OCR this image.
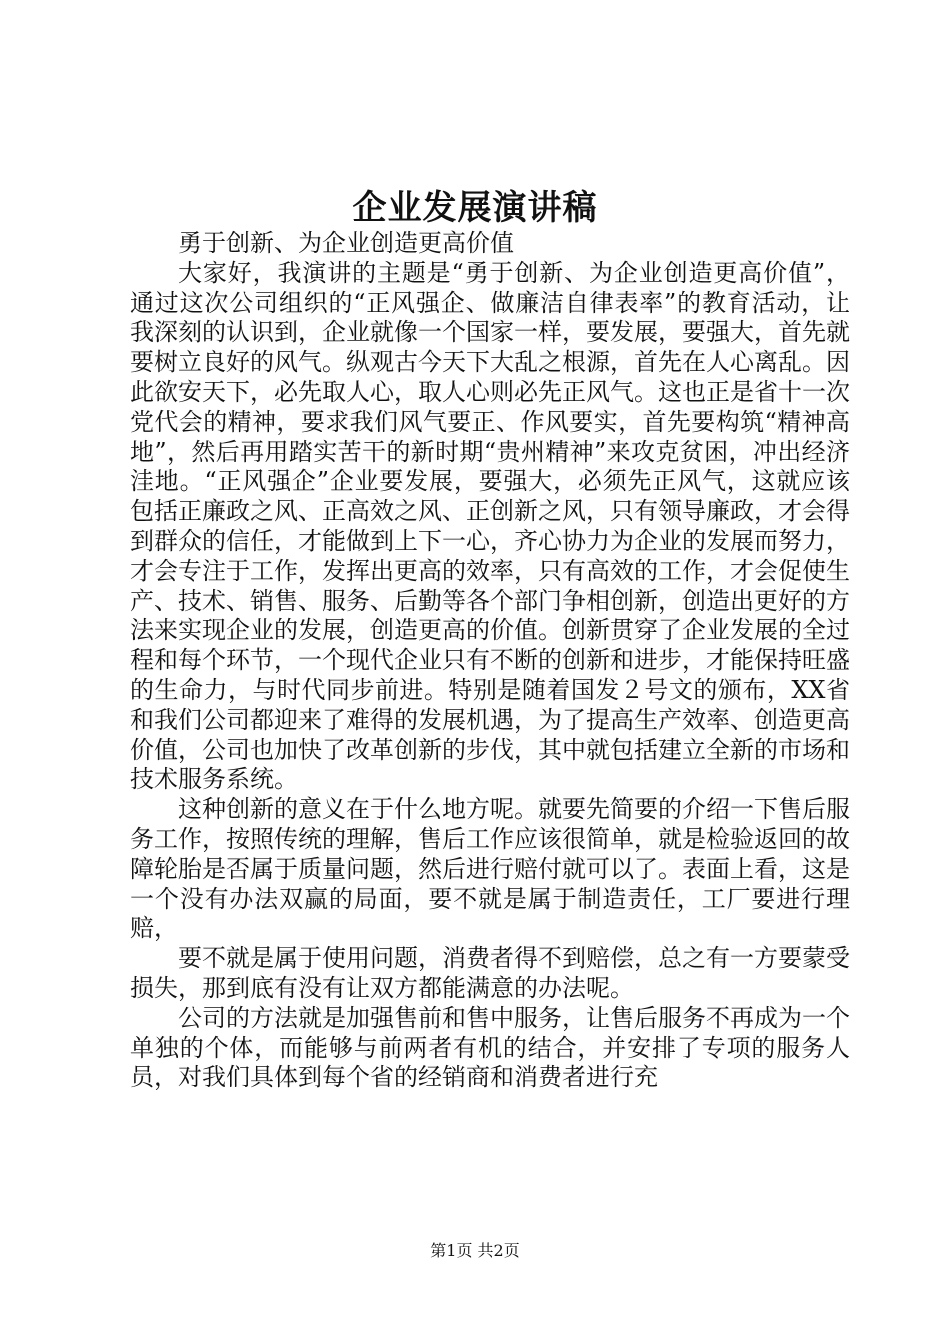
企业发展演讲稿

勇于创新、为企业创造更高价值

大家好，我演讲的主题是“勇于创新、为企业创造更高价值”，通过这次公司组织的“正风强企、做廉洁自律表率”的教育活动，让我深刻的认识到，企业就像一个国家一样，要发展，要强大，首先就要树立良好的风气。纵观古今天下大乱之根源，首先在人心离乱。因此欲安天下，必先取人心，取人心则必先正风气。这也正是省十一次党代会的精神，要求我们风气要正、作风要实，首先要构筑“精神高地”，然后再用踏实苦干的新时期“贵州精神”来攻克贫困，冲出经济洼地。“正风强企”企业要发展，要强大，必须先正风气，这就应该包括正廉政之风、正高效之风、正创新之风，只有领导廉政，才会得到群众的信任，才能做到上下一心，齐心协力为企业的发展而努力，才会专注于工作，发挥出更高的效率，只有高效的工作，才会促使生产、技术、销售、服务、后勤等各个部门争相创新，创造出更好的方法来实现企业的发展，创造更高的价值。创新贯穿了企业发展的全过程和每个环节，一个现代企业只有不断的创新和进步，才能保持旺盛的生命力，与时代同步前进。特别是随着国发２号文的颁布，XX省和我们公司都迎来了难得的发展机遇，为了提高生产效率、创造更高价值，公司也加快了改革创新的步伐，其中就包括建立全新的市场和技术服务系统。

这种创新的意义在于什么地方呢。就要先简要的介绍一下售后服务工作，按照传统的理解，售后工作应该很简单，就是检验返回的故障轮胎是否属于质量问题，然后进行赔付就可以了。表面上看，这是一个没有办法双赢的局面，要不就是属于制造责任，工厂要进行理赔，

要不就是属于使用问题，消费者得不到赔偿，总之有一方要蒙受损失，那到底有没有让双方都能满意的办法呢。

公司的方法就是加强售前和售中服务，让售后服务不再成为一个单独的个体，而能够与前两者有机的结合，并安排了专项的服务人员，对我们具体到每个省的经销商和消费者进行充

第1页 共2页
